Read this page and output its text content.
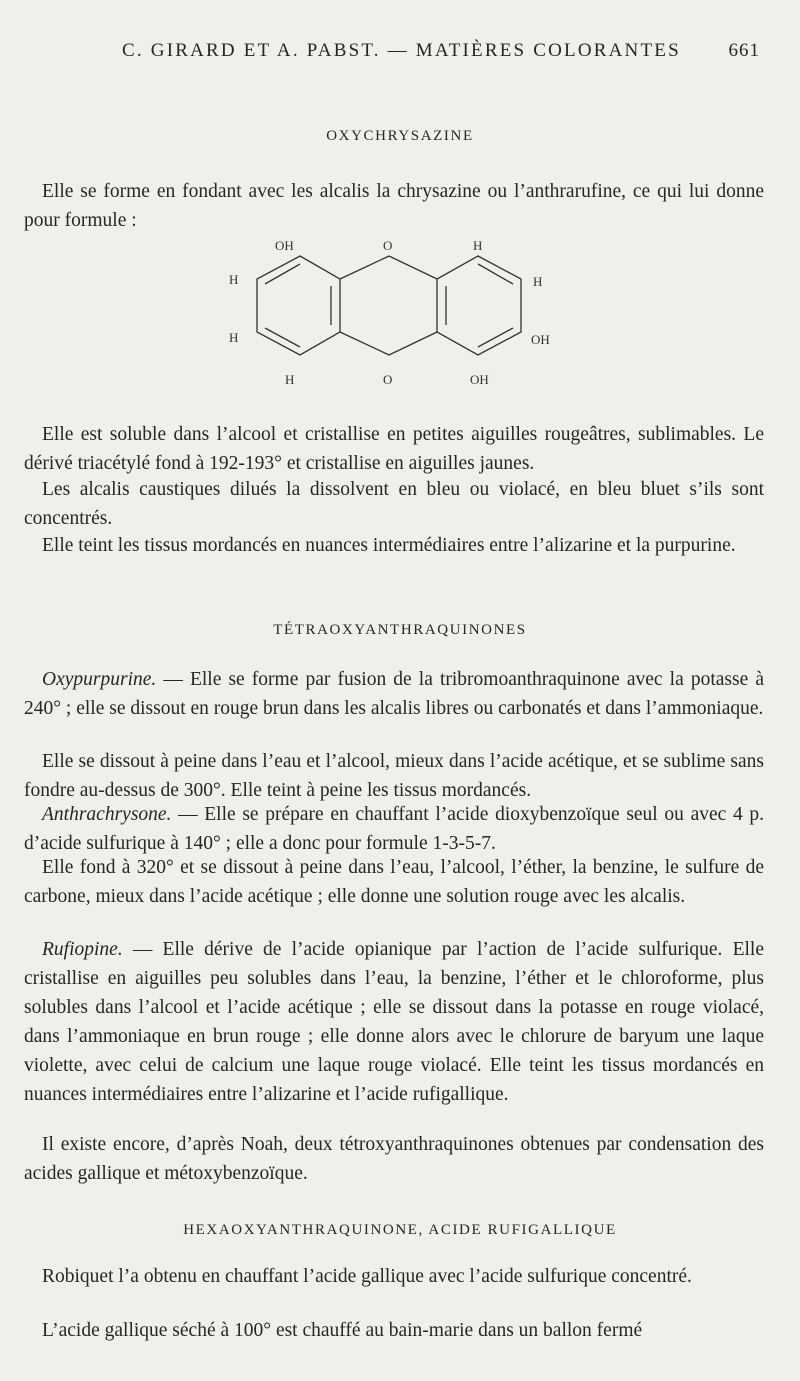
C. GIRARD ET A. PABST. — MATIÈRES COLORANTES	661
OXYCHRYSAZINE

Elle se forme en fondant avec les alcalis la chrysazine ou l’anthrarufine, ce qui lui donne pour formule :

OH	O	H
H	H
H	OH
H	O	OH

Elle est soluble dans l’alcool et cristallise en petites aiguilles rougeâtres, sublimables. Le dérivé triacétylé fond à 192-193° et cristallise en aiguilles jaunes.

Les alcalis caustiques dilués la dissolvent en bleu ou violacé, en bleu bluet s’ils sont concentrés.

Elle teint les tissus mordancés en nuances intermédiaires entre l’alizarine et la purpurine.

TÉTRAOXYANTHRAQUINONES

Oxypurpurine. — Elle se forme par fusion de la tribromoanthraquinone avec la potasse à 240° ; elle se dissout en rouge brun dans les alcalis libres ou carbonatés et dans l’ammoniaque.

Elle se dissout à peine dans l’eau et l’alcool, mieux dans l’acide acétique, et se sublime sans fondre au-dessus de 300°. Elle teint à peine les tissus mordancés.

Anthrachrysone. — Elle se prépare en chauffant l’acide dioxybenzoïque seul ou avec 4 p. d’acide sulfurique à 140° ; elle a donc pour formule 1-3-5-7.

Elle fond à 320° et se dissout à peine dans l’eau, l’alcool, l’éther, la benzine, le sulfure de carbone, mieux dans l’acide acétique ; elle donne une solution rouge avec les alcalis.

Rufiopine. — Elle dérive de l’acide opianique par l’action de l’acide sulfurique. Elle cristallise en aiguilles peu solubles dans l’eau, la benzine, l’éther et le chloroforme, plus solubles dans l’alcool et l’acide acétique ; elle se dissout dans la potasse en rouge violacé, dans l’ammoniaque en brun rouge ; elle donne alors avec le chlorure de baryum une laque violette, avec celui de calcium une laque rouge violacé. Elle teint les tissus mordancés en nuances intermédiaires entre l’alizarine et l’acide rufigallique.

Il existe encore, d’après Noah, deux tétroxyanthraquinones obtenues par condensation des acides gallique et métoxybenzoïque.

HEXAOXYANTHRAQUINONE, ACIDE RUFIGALLIQUE

Robiquet l’a obtenu en chauffant l’acide gallique avec l’acide sulfurique concentré.

L’acide gallique séché à 100° est chauffé au bain-marie dans un ballon fermé
